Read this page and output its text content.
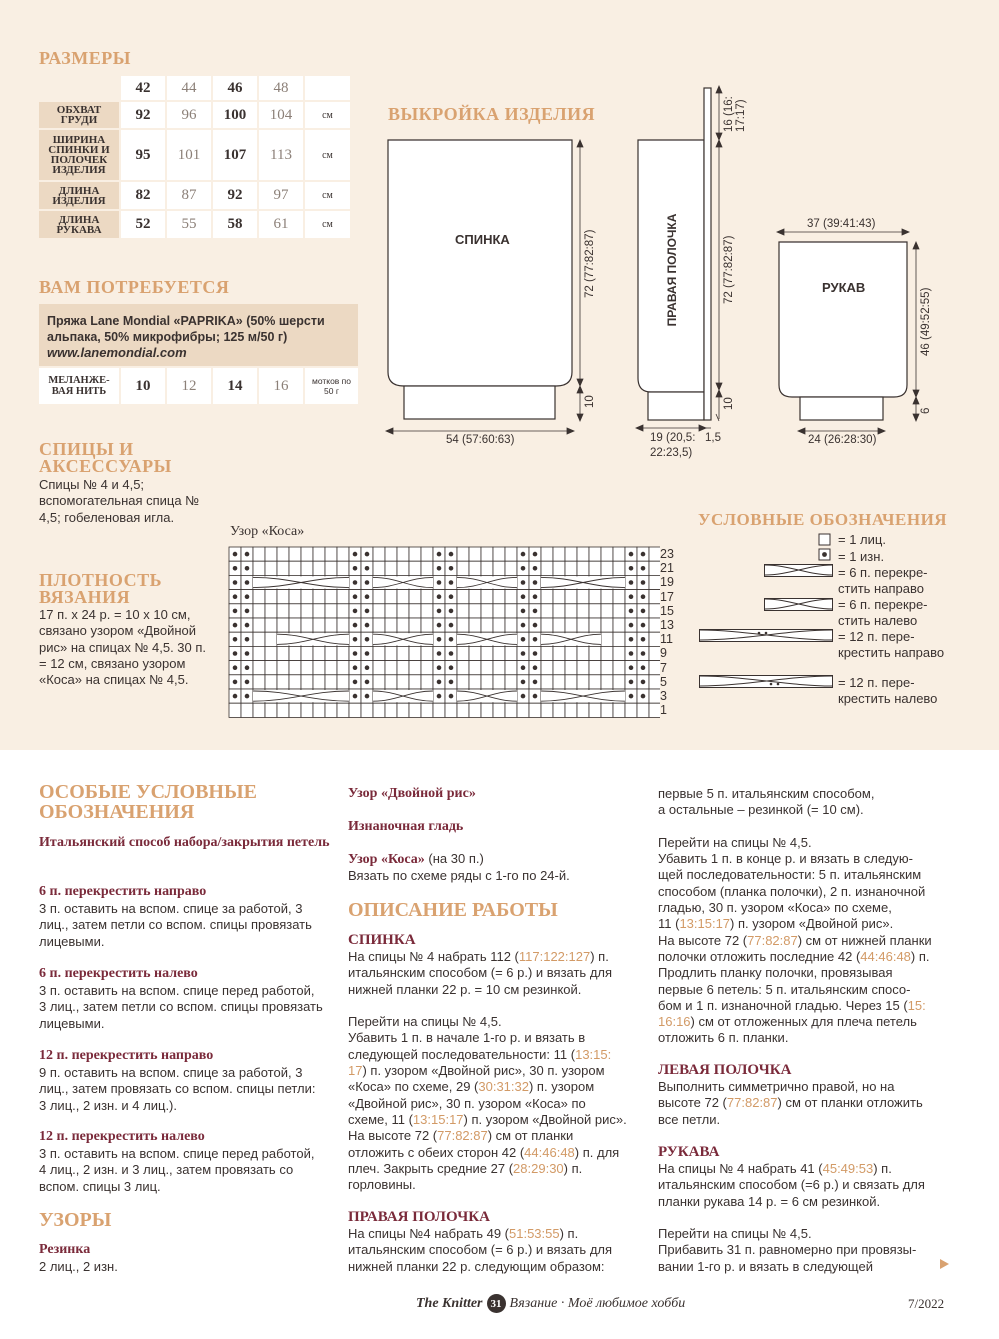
РАЗМЕРЫ
42	44	46	48
ОБХВАТ ГРУДИ	92	96	100	104	см
ШИРИНА СПИНКИ И ПОЛОЧЕК ИЗДЕЛИЯ
95	101	107	113	см
ДЛИНА ИЗДЕЛИЯ	82	87	92	97	см
ДЛИНА РУКАВА	52	55	58	61	см
ВАМ ПОТРЕБУЕТСЯ
Пряжа Lane Mondial «PAPRIKA» (50% шерсти
альпака, 50% микрофибры; 125 м/50 г)
www.lanemondial.com
МЕЛАНЖЕ-ВАЯ НИТЬ	10	12	14	16	мотков по 50 г
СПИЦЫ И АКСЕССУАРЫ
Спицы № 4 и 4,5; вспомогательная спица № 4,5; гобеленовая игла.
ПЛОТНОСТЬ ВЯЗАНИЯ
17 п. х 24 р. = 10 х 10 см, связано узором «Двойной рис» на спицах № 4,5. 30 п. = 12 см, связано узором «Коса» на спицах № 4,5.
ВЫКРОЙКА ИЗДЕЛИЯ
СПИНКА	ПРАВАЯ ПОЛОЧКА	РУКАВ
72 (77:82:87)
10
54 (57:60:63)
72 (77:82:87)
10
16 (16: 17:17)
19 (20,5:
22:23,5)
1,5
37 (39:41:43)
46 (49:52:55)
6
24 (26:28:30)
Узор «Коса»
23
21
19
17
15
13
11
9
7
5
3
1
УСЛОВНЫЕ ОБОЗНАЧЕНИЯ
= 1 лиц.
= 1 изн.
= 6 п. перекре-стить направо
= 6 п. перекре-стить налево
= 12 п. пере-крестить направо
= 12 п. пере-крестить налево
ОСОБЫЕ УСЛОВНЫЕ ОБОЗНАЧЕНИЯ
Итальянский способ набора/закрытия петель
6 п. перекрестить направо
3 п. оставить на вспом. спице за работой, 3 лиц., затем петли со вспом. спицы провязать лицевыми.
6 п. перекрестить налево
3 п. оставить на вспом. спице перед работой, 3 лиц., затем петли со вспом. спицы провязать лицевыми.
12 п. перекрестить направо
9 п. оставить на вспом. спице за работой, 3 лиц., затем провязать со вспом. спицы петли: 3 лиц., 2 изн. и 4 лиц.).
12 п. перекрестить налево
3 п. оставить на вспом. спице перед работой, 4 лиц., 2 изн. и 3 лиц., затем провязать со вспом. спицы 3 лиц.
УЗОРЫ
Резинка
2 лиц., 2 изн.
Узор «Двойной рис»
Изнаночная гладь
Узор «Коса» (на 30 п.)
Вязать по схеме ряды с 1-го по 24-й.
ОПИСАНИЕ РАБОТЫ
СПИНКА
На спицы № 4 набрать 112 (117:122:127) п.
итальянским способом (= 6 р.) и вязать для
нижней планки 22 р. = 10 см резинкой.

Перейти на спицы № 4,5.
Убавить 1 п. в начале 1-го р. и вязать в
следующей последовательности: 11 (13:15:
17) п. узором «Двойной рис», 30 п. узором
«Коса» по схеме, 29 (30:31:32) п. узором
«Двойной рис», 30 п. узором «Коса» по
схеме, 11 (13:15:17) п. узором «Двойной рис».
На высоте 72 (77:82:87) см от планки
отложить с обеих сторон 42 (44:46:48) п. для
плеч. Закрыть средние 27 (28:29:30) п.
горловины.
ПРАВАЯ ПОЛОЧКА
На спицы №4 набрать 49 (51:53:55) п.
итальянским способом (= 6 р.) и вязать для
нижней планки 22 р. следующим образом:
первые 5 п. итальянским способом,
а остальные – резинкой (= 10 см).

Перейти на спицы № 4,5.
Убавить 1 п. в конце р. и вязать в следую-
щей последовательности: 5 п. итальянским
способом (планка полочки), 2 п. изнаночной
гладью, 30 п. узором «Коса» по схеме,
11 (13:15:17) п. узором «Двойной рис».
На высоте 72 (77:82:87) см от нижней планки
полочки отложить последние 42 (44:46:48) п.
Продлить планку полочки, провязывая
первые 6 петель: 5 п. итальянским спосо-
бом и 1 п. изнаночной гладью. Через 15 (15:
16:16) см от отложенных для плеча петель
отложить 6 п. планки.
ЛЕВАЯ ПОЛОЧКА
Выполнить симметрично правой, но на
высоте 72 (77:82:87) см от планки отложить
все петли.
РУКАВА
На спицы № 4 набрать 41 (45:49:53) п.
итальянским способом (=6 р.) и связать для
планки рукава 14 р. = 6 см резинкой.

Перейти на спицы № 4,5.
Прибавить 31 п. равномерно при провязы-
вании 1-го р. и вязать в следующей
The Knitter 31 Вязание · Моё любимое хобби	7/2022
